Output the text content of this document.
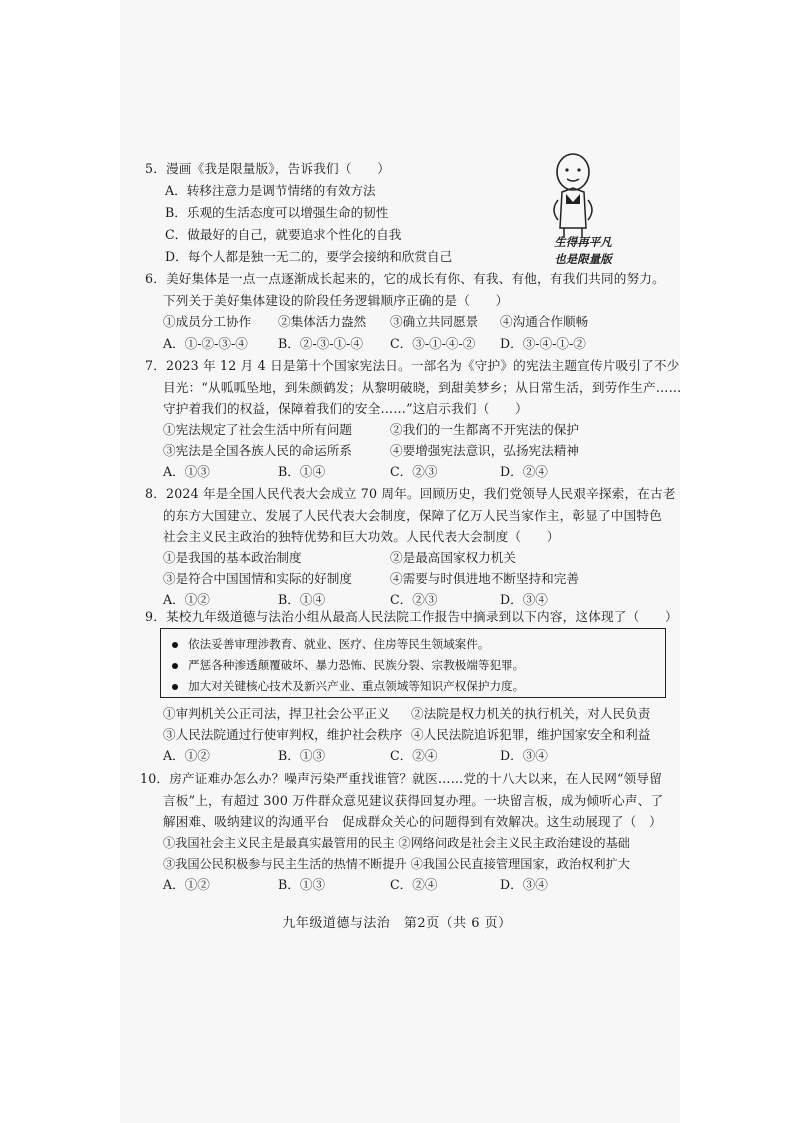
5．漫画《我是限量版》，告诉我们（　　）
A．转移注意力是调节情绪的有效方法
B．乐观的生活态度可以增强生命的韧性
C．做最好的自己，就要追求个性化的自我
D．每个人都是独一无二的，要学会接纳和欣赏自己
生得再平凡
也是限量版
6．美好集体是一点一点逐渐成长起来的，它的成长有你、有我、有他，有我们共同的努力。
下列关于美好集体建设的阶段任务逻辑顺序正确的是（　　）
①成员分工协作 ②集体活力盎然 ③确立共同愿景 ④沟通合作顺畅
A．①-②-③-④ B．②-③-①-④ C．③-①-④-② D．③-④-①-②
7．2023 年 12 月 4 日是第十个国家宪法日。一部名为《守护》的宪法主题宣传片吸引了不少
目光：“从呱呱坠地，到朱颜鹤发；从黎明破晓，到甜美梦乡；从日常生活，到劳作生产……
守护着我们的权益，保障着我们的安全……”这启示我们（　　）
①宪法规定了社会生活中所有问题	②我们的一生都离不开宪法的保护
③宪法是全国各族人民的命运所系	④要增强宪法意识，弘扬宪法精神
A．①③	B．①④	C．②③	D．②④
8．2024 年是全国人民代表大会成立 70 周年。回顾历史，我们党领导人民艰辛探索，在古老
的东方大国建立、发展了人民代表大会制度，保障了亿万人民当家作主，彰显了中国特色
社会主义民主政治的独特优势和巨大功效。人民代表大会制度（　　）
①是我国的基本政治制度	②是最高国家权力机关
③是符合中国国情和实际的好制度	④需要与时俱进地不断坚持和完善
A．①②	B．①④	C．②③	D．③④
9．某校九年级道德与法治小组从最高人民法院工作报告中摘录到以下内容，这体现了（　　）
依法妥善审理涉教育、就业、医疗、住房等民生领域案件。
严惩各种渗透颠覆破坏、暴力恐怖、民族分裂、宗教极端等犯罪。
加大对关键核心技术及新兴产业、重点领域等知识产权保护力度。
①审判机关公正司法，捍卫社会公平正义 ②法院是权力机关的执行机关，对人民负责
③人民法院通过行使审判权，维护社会秩序 ④人民法院追诉犯罪，维护国家安全和利益
A．①②	B．①③	C．②④	D．③④
10．房产证难办怎么办？噪声污染严重找谁管？就医……党的十八大以来，在人民网“领导留
言板”上，有超过 300 万件群众意见建议获得回复办理。一块留言板，成为倾听心声、了
解困难、吸纳建议的沟通平台　促成群众关心的问题得到有效解决。这生动展现了（　）
①我国社会主义民主是最真实最管用的民主 ②网络问政是社会主义民主政治建设的基础
③我国公民积极参与民主生活的热情不断提升 ④我国公民直接管理国家，政治权利扩大
A．①②	B．①③	C．②④	D．③④
九年级道德与法治　第2页（共 6 页）
